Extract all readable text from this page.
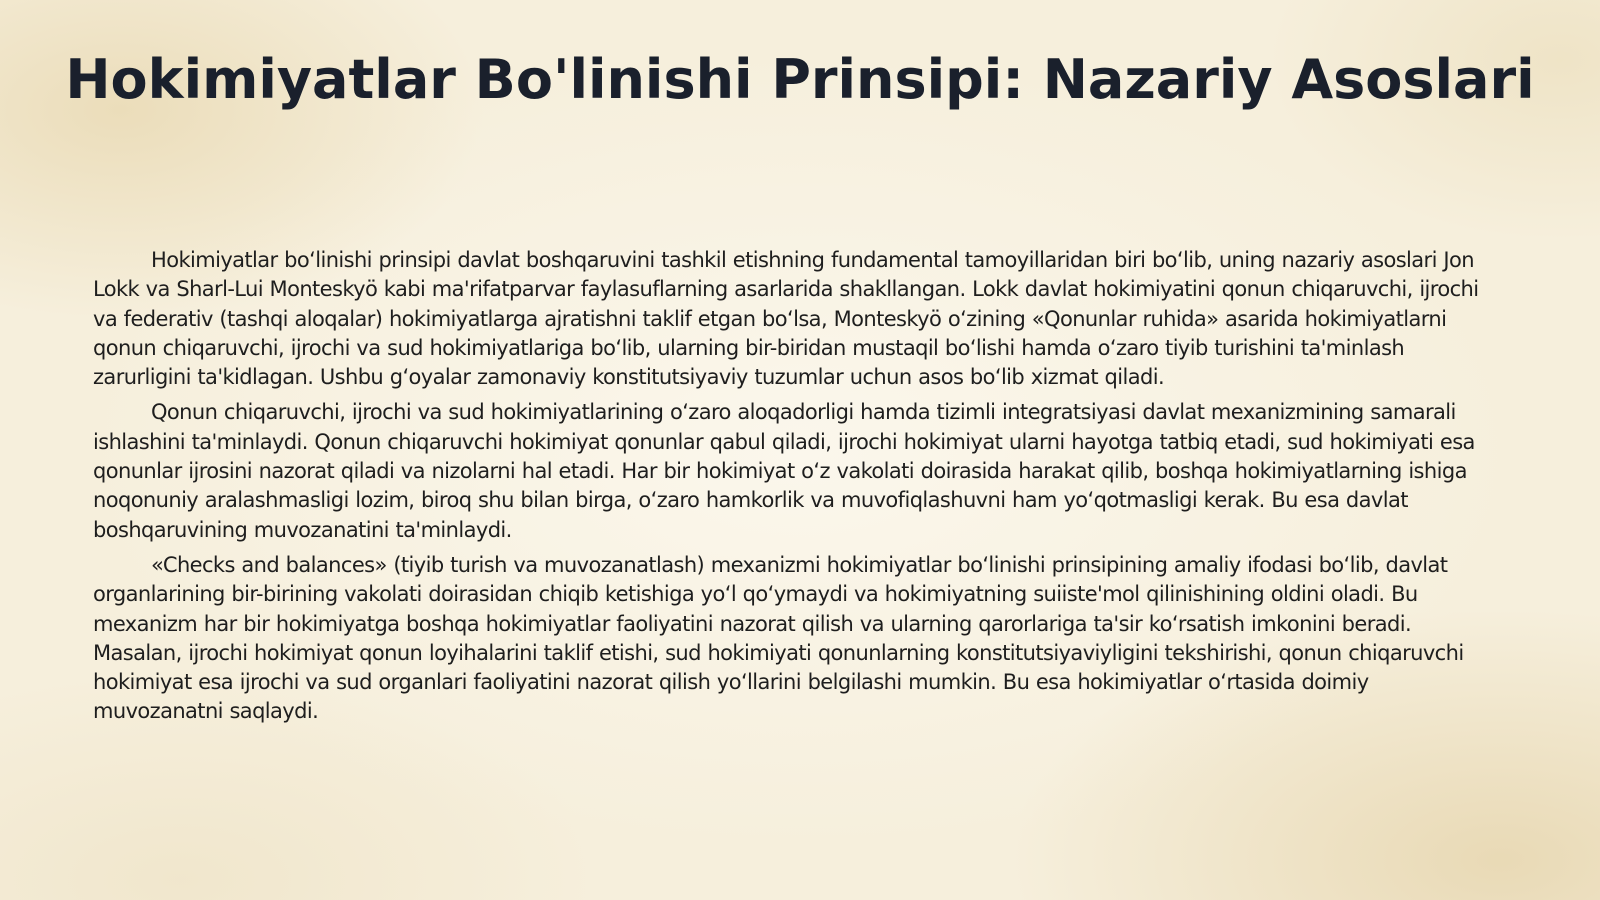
Hokimiyatlar Bo'linishi Prinsipi: Nazariy Asoslari

Hokimiyatlar boʻlinishi prinsipi davlat boshqaruvini tashkil etishning fundamental tamoyillaridan biri boʻlib, uning nazariy asoslari Jon Lokk va Sharl-Lui Monteskyö kabi ma'rifatparvar faylasuflarning asarlarida shakllangan. Lokk davlat hokimiyatini qonun chiqaruvchi, ijrochi va federativ (tashqi aloqalar) hokimiyatlarga ajratishni taklif etgan boʻlsa, Monteskyö oʻzining «Qonunlar ruhida» asarida hokimiyatlarni qonun chiqaruvchi, ijrochi va sud hokimiyatlariga boʻlib, ularning bir-biridan mustaqil boʻlishi hamda oʻzaro tiyib turishini ta'minlash zarurligini ta'kidlagan. Ushbu gʻoyalar zamonaviy konstitutsiyaviy tuzumlar uchun asos boʻlib xizmat qiladi.

Qonun chiqaruvchi, ijrochi va sud hokimiyatlarining oʻzaro aloqadorligi hamda tizimli integratsiyasi davlat mexanizmining samarali ishlashini ta'minlaydi. Qonun chiqaruvchi hokimiyat qonunlar qabul qiladi, ijrochi hokimiyat ularni hayotga tatbiq etadi, sud hokimiyati esa qonunlar ijrosini nazorat qiladi va nizolarni hal etadi. Har bir hokimiyat oʻz vakolati doirasida harakat qilib, boshqa hokimiyatlarning ishiga noqonuniy aralashmasligi lozim, biroq shu bilan birga, oʻzaro hamkorlik va muvofiqlashuvni ham yoʻqotmasligi kerak. Bu esa davlat boshqaruvining muvozanatini ta'minlaydi.

«Checks and balances» (tiyib turish va muvozanatlash) mexanizmi hokimiyatlar boʻlinishi prinsipining amaliy ifodasi boʻlib, davlat organlarining bir-birining vakolati doirasidan chiqib ketishiga yoʻl qoʻymaydi va hokimiyatning suiiste'mol qilinishining oldini oladi. Bu mexanizm har bir hokimiyatga boshqa hokimiyatlar faoliyatini nazorat qilish va ularning qarorlariga ta'sir koʻrsatish imkonini beradi. Masalan, ijrochi hokimiyat qonun loyihalarini taklif etishi, sud hokimiyati qonunlarning konstitutsiyaviyligini tekshirishi, qonun chiqaruvchi hokimiyat esa ijrochi va sud organlari faoliyatini nazorat qilish yoʻllarini belgilashi mumkin. Bu esa hokimiyatlar oʻrtasida doimiy muvozanatni saqlaydi.
